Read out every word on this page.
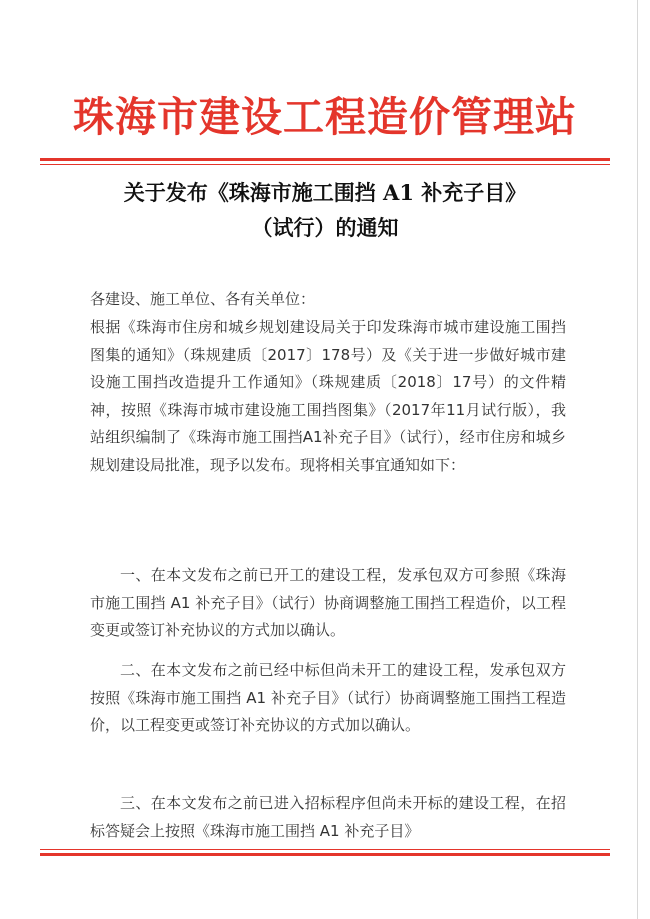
珠海市建设工程造价管理站
关于发布《珠海市施工围挡 A1 补充子目》
（试行）的通知
各建设、施工单位、各有关单位：
根据《珠海市住房和城乡规划建设局关于印发珠海市城市建设施工围挡图集的通知》（珠规建质〔2017〕178号）及《关于进一步做好城市建设施工围挡改造提升工作通知》（珠规建质〔2018〕17号）的文件精神，按照《珠海市城市建设施工围挡图集》（2017年11月试行版），我站组织编制了《珠海市施工围挡A1补充子目》（试行），经市住房和城乡规划建设局批准，现予以发布。现将相关事宜通知如下：
一、在本文发布之前已开工的建设工程，发承包双方可参照《珠海市施工围挡 A1 补充子目》（试行）协商调整施工围挡工程造价，以工程变更或签订补充协议的方式加以确认。
二、在本文发布之前已经中标但尚未开工的建设工程，发承包双方按照《珠海市施工围挡 A1 补充子目》（试行）协商调整施工围挡工程造价，以工程变更或签订补充协议的方式加以确认。
三、在本文发布之前已进入招标程序但尚未开标的建设工程，在招标答疑会上按照《珠海市施工围挡 A1 补充子目》
